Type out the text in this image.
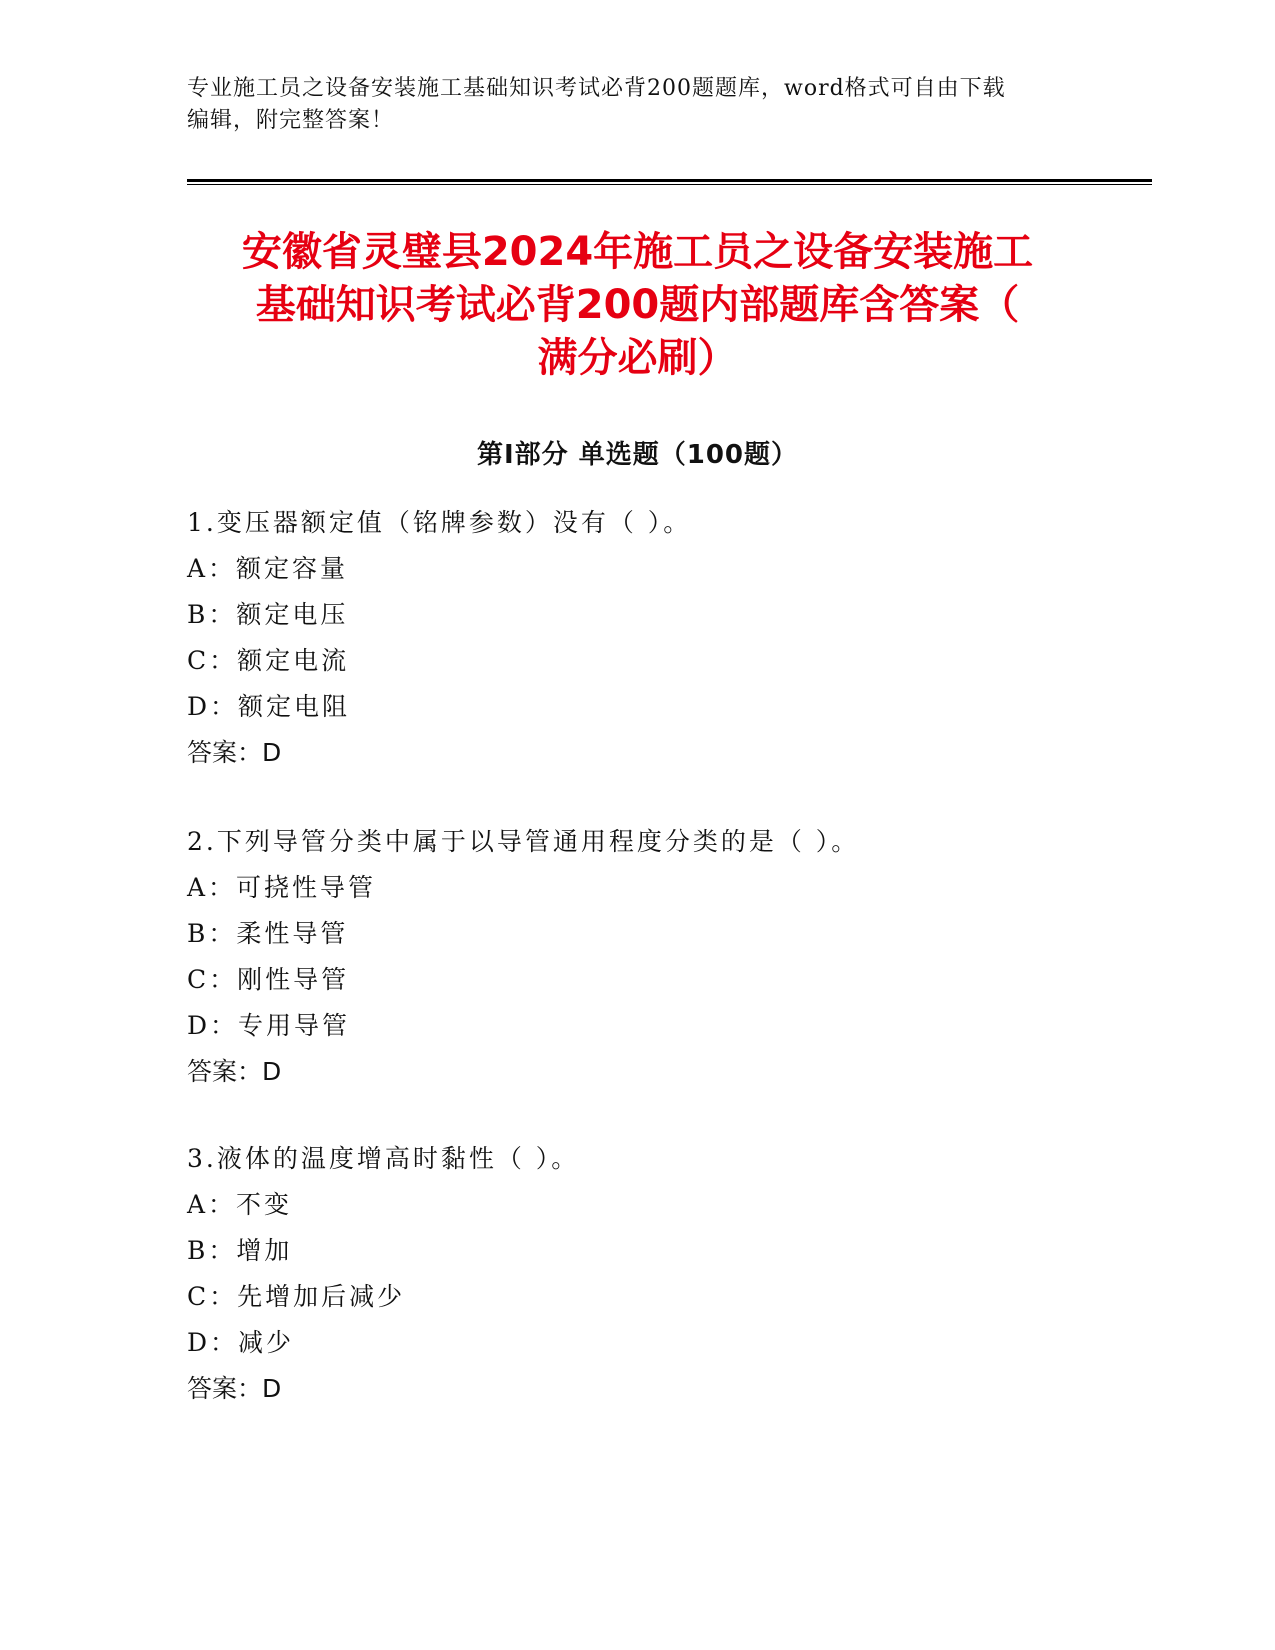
专业施工员之设备安装施工基础知识考试必背200题题库，word格式可自由下载
编辑，附完整答案！
安徽省灵璧县2024年施工员之设备安装施工
基础知识考试必背200题内部题库含答案（
满分必刷）
第Ⅰ部分 单选题（100题）
1.变压器额定值（铭牌参数）没有（ ）。
A：额定容量
B：额定电压
C：额定电流
D：额定电阻
答案：D
2.下列导管分类中属于以导管通用程度分类的是（ ）。
A：可挠性导管
B：柔性导管
C：刚性导管
D：专用导管
答案：D
3.液体的温度增高时黏性（ ）。
A：不变
B：增加
C：先增加后减少
D：减少
答案：D
